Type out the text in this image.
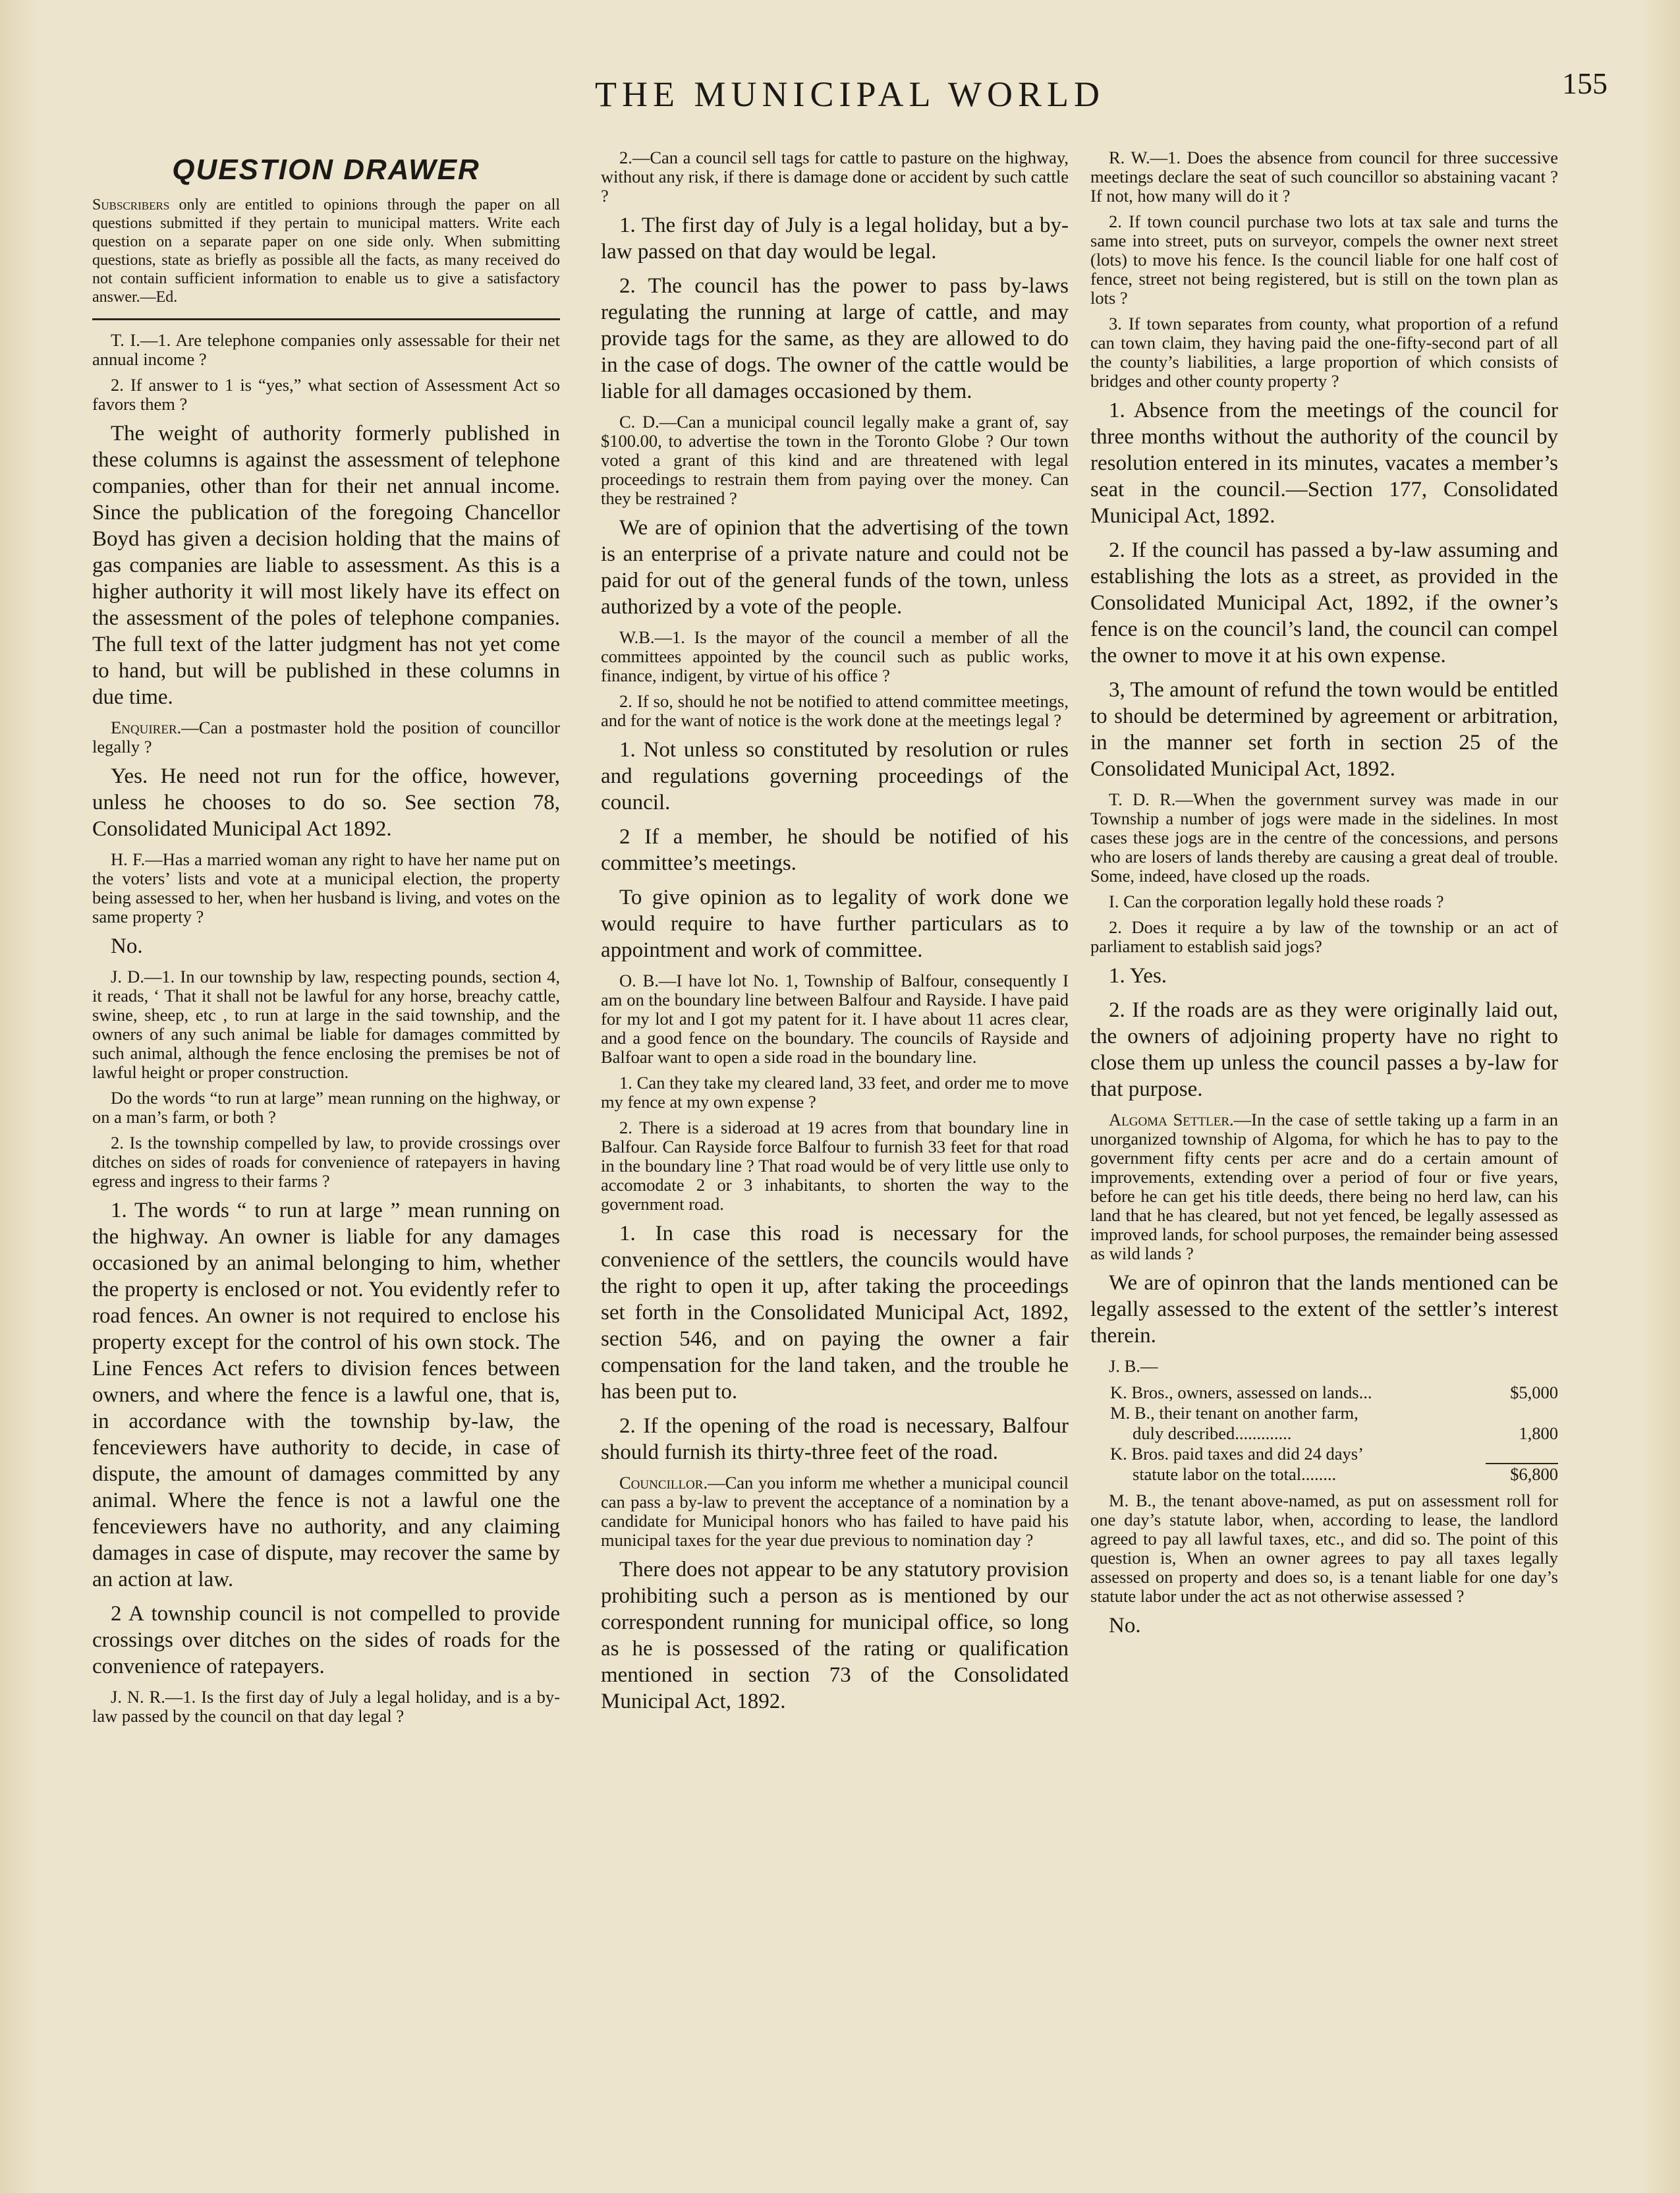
THE MUNICIPAL WORLD	155
QUESTION DRAWER

Subscribers only are entitled to opinions through the paper on all questions submitted if they pertain to municipal matters. Write each question on a separate paper on one side only. When submitting questions, state as briefly as possible all the facts, as many received do not contain sufficient information to enable us to give a satisfactory answer.—Ed.

T. I.—1. Are telephone companies only assessable for their net annual income ?

2. If answer to 1 is “yes,” what section of Assessment Act so favors them ?

The weight of authority formerly published in these columns is against the assessment of telephone companies, other than for their net annual income. Since the publication of the foregoing Chancellor Boyd has given a decision holding that the mains of gas companies are liable to assessment. As this is a higher authority it will most likely have its effect on the assessment of the poles of telephone companies. The full text of the latter judgment has not yet come to hand, but will be published in these columns in due time.

Enquirer.—Can a postmaster hold the position of councillor legally ?

Yes. He need not run for the office, however, unless he chooses to do so. See section 78, Consolidated Municipal Act 1892.

H. F.—Has a married woman any right to have her name put on the voters’ lists and vote at a municipal election, the property being assessed to her, when her husband is living, and votes on the same property ?

No.

J. D.—1. In our township by law, respecting pounds, section 4, it reads, ‘ That it shall not be lawful for any horse, breachy cattle, swine, sheep, etc , to run at large in the said township, and the owners of any such animal be liable for damages committed by such animal, although the fence enclosing the premises be not of lawful height or proper construction.

Do the words “to run at large” mean running on the highway, or on a man’s farm, or both ?

2. Is the township compelled by law, to provide crossings over ditches on sides of roads for convenience of ratepayers in having egress and ingress to their farms ?

1. The words “ to run at large ” mean running on the highway. An owner is liable for any damages occasioned by an animal belonging to him, whether the property is enclosed or not. You evidently refer to road fences. An owner is not required to enclose his property except for the control of his own stock. The Line Fences Act refers to division fences between owners, and where the fence is a lawful one, that is, in accordance with the township by-law, the fenceviewers have authority to decide, in case of dispute, the amount of damages committed by any animal. Where the fence is not a lawful one the fenceviewers have no authority, and any claiming damages in case of dispute, may recover the same by an action at law.

2 A township council is not compelled to provide crossings over ditches on the sides of roads for the convenience of ratepayers.

J. N. R.—1. Is the first day of July a legal holiday, and is a by-law passed by the council on that day legal ?

2.—Can a council sell tags for cattle to pasture on the highway, without any risk, if there is damage done or accident by such cattle ?

1. The first day of July is a legal holiday, but a by-law passed on that day would be legal.

2. The council has the power to pass by-laws regulating the running at large of cattle, and may provide tags for the same, as they are allowed to do in the case of dogs. The owner of the cattle would be liable for all damages occasioned by them.

C. D.—Can a municipal council legally make a grant of, say $100.00, to advertise the town in the Toronto Globe ? Our town voted a grant of this kind and are threatened with legal proceedings to restrain them from paying over the money. Can they be restrained ?

We are of opinion that the advertising of the town is an enterprise of a private nature and could not be paid for out of the general funds of the town, unless authorized by a vote of the people.

W.B.—1. Is the mayor of the council a member of all the committees appointed by the council such as public works, finance, indigent, by virtue of his office ?

2. If so, should he not be notified to attend committee meetings, and for the want of notice is the work done at the meetings legal ?

1. Not unless so constituted by resolution or rules and regulations governing proceedings of the council.

2 If a member, he should be notified of his committee’s meetings.

To give opinion as to legality of work done we would require to have further particulars as to appointment and work of committee.

O. B.—I have lot No. 1, Township of Balfour, consequently I am on the boundary line between Balfour and Rayside. I have paid for my lot and I got my patent for it. I have about 11 acres clear, and a good fence on the boundary. The councils of Rayside and Balfoar want to open a side road in the boundary line.

1. Can they take my cleared land, 33 feet, and order me to move my fence at my own expense ?

2. There is a sideroad at 19 acres from that boundary line in Balfour. Can Rayside force Balfour to furnish 33 feet for that road in the boundary line ? That road would be of very little use only to accomodate 2 or 3 inhabitants, to shorten the way to the government road.

1. In case this road is necessary for the convenience of the settlers, the councils would have the right to open it up, after taking the proceedings set forth in the Consolidated Municipal Act, 1892, section 546, and on paying the owner a fair compensation for the land taken, and the trouble he has been put to.

2. If the opening of the road is necessary, Balfour should furnish its thirty-three feet of the road.

Councillor.—Can you inform me whether a municipal council can pass a by-law to prevent the acceptance of a nomination by a candidate for Municipal honors who has failed to have paid his municipal taxes for the year due previous to nomination day ?

There does not appear to be any statutory provision prohibiting such a person as is mentioned by our correspondent running for municipal office, so long as he is possessed of the rating or qualification mentioned in section 73 of the Consolidated Municipal Act, 1892.

R. W.—1. Does the absence from council for three successive meetings declare the seat of such councillor so abstaining vacant ? If not, how many will do it ?

2. If town council purchase two lots at tax sale and turns the same into street, puts on surveyor, compels the owner next street (lots) to move his fence. Is the council liable for one half cost of fence, street not being registered, but is still on the town plan as lots ?

3. If town separates from county, what proportion of a refund can town claim, they having paid the one-fifty-second part of all the county’s liabilities, a large proportion of which consists of bridges and other county property ?

1. Absence from the meetings of the council for three months without the authority of the council by resolution entered in its minutes, vacates a member’s seat in the council.—Section 177, Consolidated Municipal Act, 1892.

2. If the council has passed a by-law assuming and establishing the lots as a street, as provided in the Consolidated Municipal Act, 1892, if the owner’s fence is on the council’s land, the council can compel the owner to move it at his own expense.

3, The amount of refund the town would be entitled to should be determined by agreement or arbitration, in the manner set forth in section 25 of the Consolidated Municipal Act, 1892.

T. D. R.—When the government survey was made in our Township a number of jogs were made in the sidelines. In most cases these jogs are in the centre of the concessions, and persons who are losers of lands thereby are causing a great deal of trouble. Some, indeed, have closed up the roads.

I. Can the corporation legally hold these roads ?

2. Does it require a by law of the township or an act of parliament to establish said jogs?

1. Yes.

2. If the roads are as they were originally laid out, the owners of adjoining property have no right to close them up unless the council passes a by-law for that purpose.

Algoma Settler.—In the case of settle taking up a farm in an unorganized township of Algoma, for which he has to pay to the government fifty cents per acre and do a certain amount of improvements, extending over a period of four or five years, before he can get his title deeds, there being no herd law, can his land that he has cleared, but not yet fenced, be legally assessed as improved lands, for school purposes, the remainder being assessed as wild lands ?

We are of opinron that the lands mentioned can be legally assessed to the extent of the settler’s interest therein.

J. B.—

K. Bros., owners, assessed on lands...	$5,000
M. B., their tenant on another farm,
duly described.............	1,800
K. Bros. paid taxes and did 24 days’
statute labor on the total........	$6,800

M. B., the tenant above-named, as put on assessment roll for one day’s statute labor, when, according to lease, the landlord agreed to pay all lawful taxes, etc., and did so. The point of this question is, When an owner agrees to pay all taxes legally assessed on property and does so, is a tenant liable for one day’s statute labor under the act as not otherwise assessed ?

No.
